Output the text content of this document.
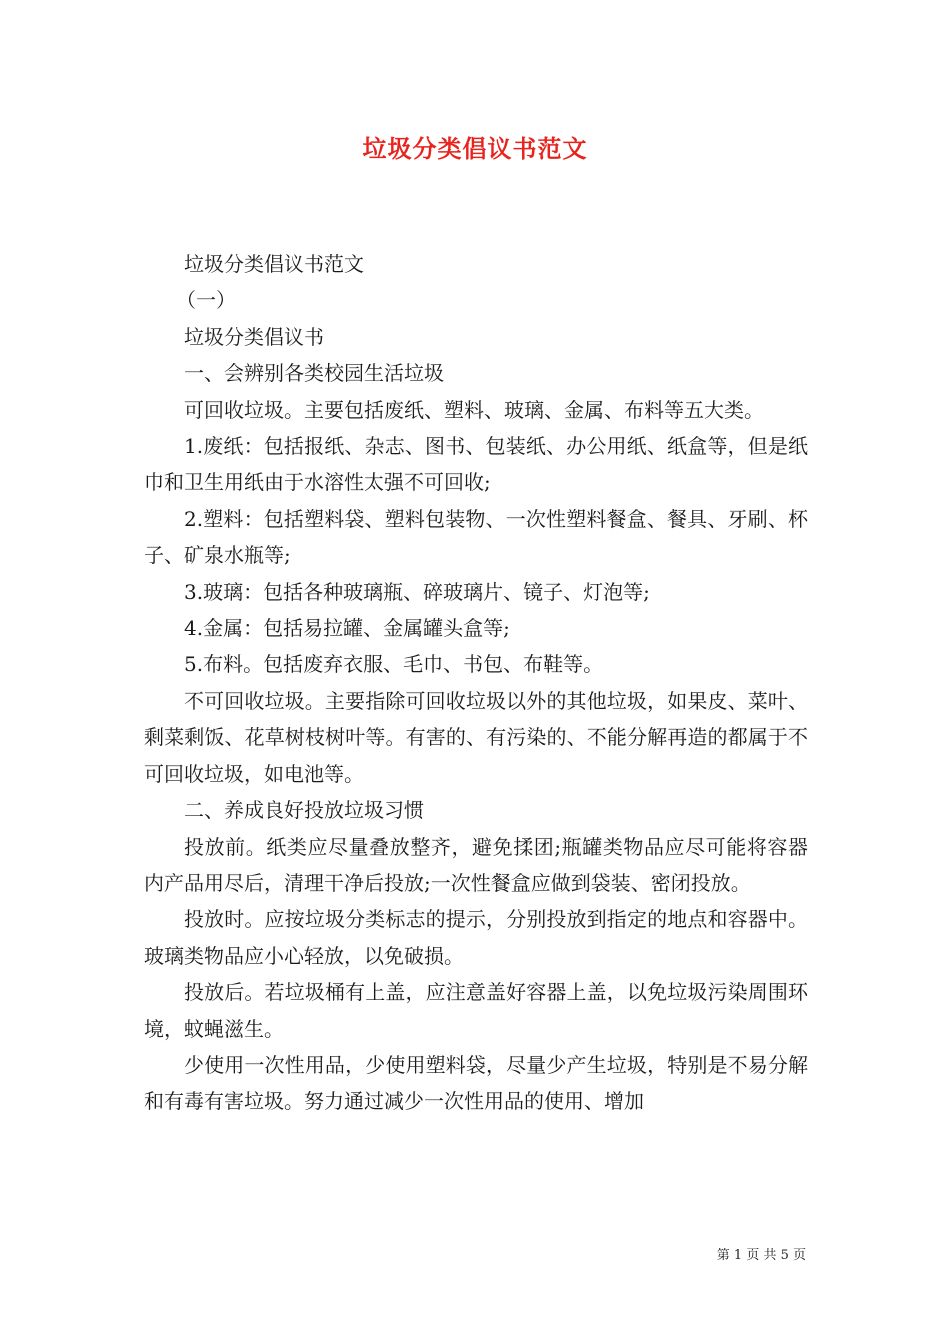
垃圾分类倡议书范文

垃圾分类倡议书范文

（一）

垃圾分类倡议书

一、会辨别各类校园生活垃圾

可回收垃圾。主要包括废纸、塑料、玻璃、金属、布料等五大类。

1.废纸：包括报纸、杂志、图书、包装纸、办公用纸、纸盒等，但是纸巾和卫生用纸由于水溶性太强不可回收;

2.塑料：包括塑料袋、塑料包装物、一次性塑料餐盒、餐具、牙刷、杯子、矿泉水瓶等;

3.玻璃：包括各种玻璃瓶、碎玻璃片、镜子、灯泡等;

4.金属：包括易拉罐、金属罐头盒等;

5.布料。包括废弃衣服、毛巾、书包、布鞋等。

不可回收垃圾。主要指除可回收垃圾以外的其他垃圾，如果皮、菜叶、剩菜剩饭、花草树枝树叶等。有害的、有污染的、不能分解再造的都属于不可回收垃圾，如电池等。

二、养成良好投放垃圾习惯

投放前。纸类应尽量叠放整齐，避免揉团;瓶罐类物品应尽可能将容器内产品用尽后，清理干净后投放;一次性餐盒应做到袋装、密闭投放。

投放时。应按垃圾分类标志的提示，分别投放到指定的地点和容器中。玻璃类物品应小心轻放，以免破损。

投放后。若垃圾桶有上盖，应注意盖好容器上盖，以免垃圾污染周围环境，蚊蝇滋生。

少使用一次性用品，少使用塑料袋，尽量少产生垃圾，特别是不易分解和有毒有害垃圾。努力通过减少一次性用品的使用、增加

第 1 页 共 5 页
